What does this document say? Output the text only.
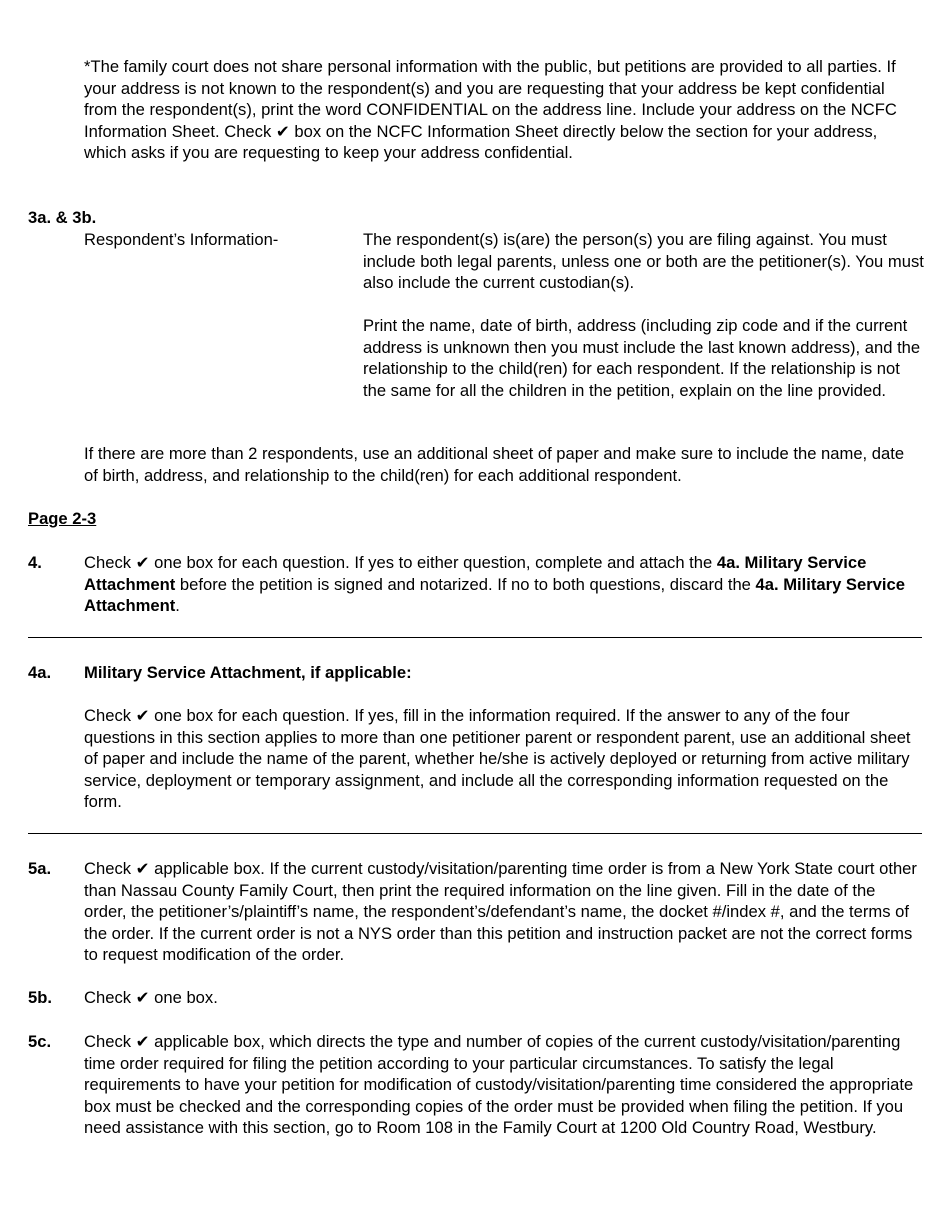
*The family court does not share personal information with the public, but petitions are provided to all parties. If your address is not known to the respondent(s) and you are requesting that your address be kept confidential from the respondent(s), print the word CONFIDENTIAL on the address line. Include your address on the NCFC Information Sheet. Check ✔ box on the NCFC Information Sheet directly below the section for your address, which asks if you are requesting to keep your address confidential.

3a. & 3b.
Respondent’s Information-	The respondent(s) is(are) the person(s) you are filing against. You must include both legal parents, unless one or both are the petitioner(s). You must also include the current custodian(s).

Print the name, date of birth, address (including zip code and if the current address is unknown then you must include the last known address), and the relationship to the child(ren) for each respondent. If the relationship is not the same for all the children in the petition, explain on the line provided.

If there are more than 2 respondents, use an additional sheet of paper and make sure to include the name, date of birth, address, and relationship to the child(ren) for each additional respondent.

Page 2-3
4.	Check ✔ one box for each question. If yes to either question, complete and attach the 4a. Military Service Attachment before the petition is signed and notarized. If no to both questions, discard the 4a. Military Service Attachment.

4a. Military Service Attachment, if applicable:

Check ✔ one box for each question. If yes, fill in the information required. If the answer to any of the four questions in this section applies to more than one petitioner parent or respondent parent, use an additional sheet of paper and include the name of the parent, whether he/she is actively deployed or returning from active military service, deployment or temporary assignment, and include all the corresponding information requested on the form.

5a. Check ✔ applicable box. If the current custody/visitation/parenting time order is from a New York State court other than Nassau County Family Court, then print the required information on the line given. Fill in the date of the order, the petitioner’s/plaintiff’s name, the respondent’s/defendant’s name, the docket #/index #, and the terms of the order. If the current order is not a NYS order than this petition and instruction packet are not the correct forms to request modification of the order.

5b. Check ✔ one box.

5c. Check ✔ applicable box, which directs the type and number of copies of the current custody/visitation/parenting time order required for filing the petition according to your particular circumstances. To satisfy the legal requirements to have your petition for modification of custody/visitation/parenting time considered the appropriate box must be checked and the corresponding copies of the order must be provided when filing the petition. If you need assistance with this section, go to Room 108 in the Family Court at 1200 Old Country Road, Westbury.
